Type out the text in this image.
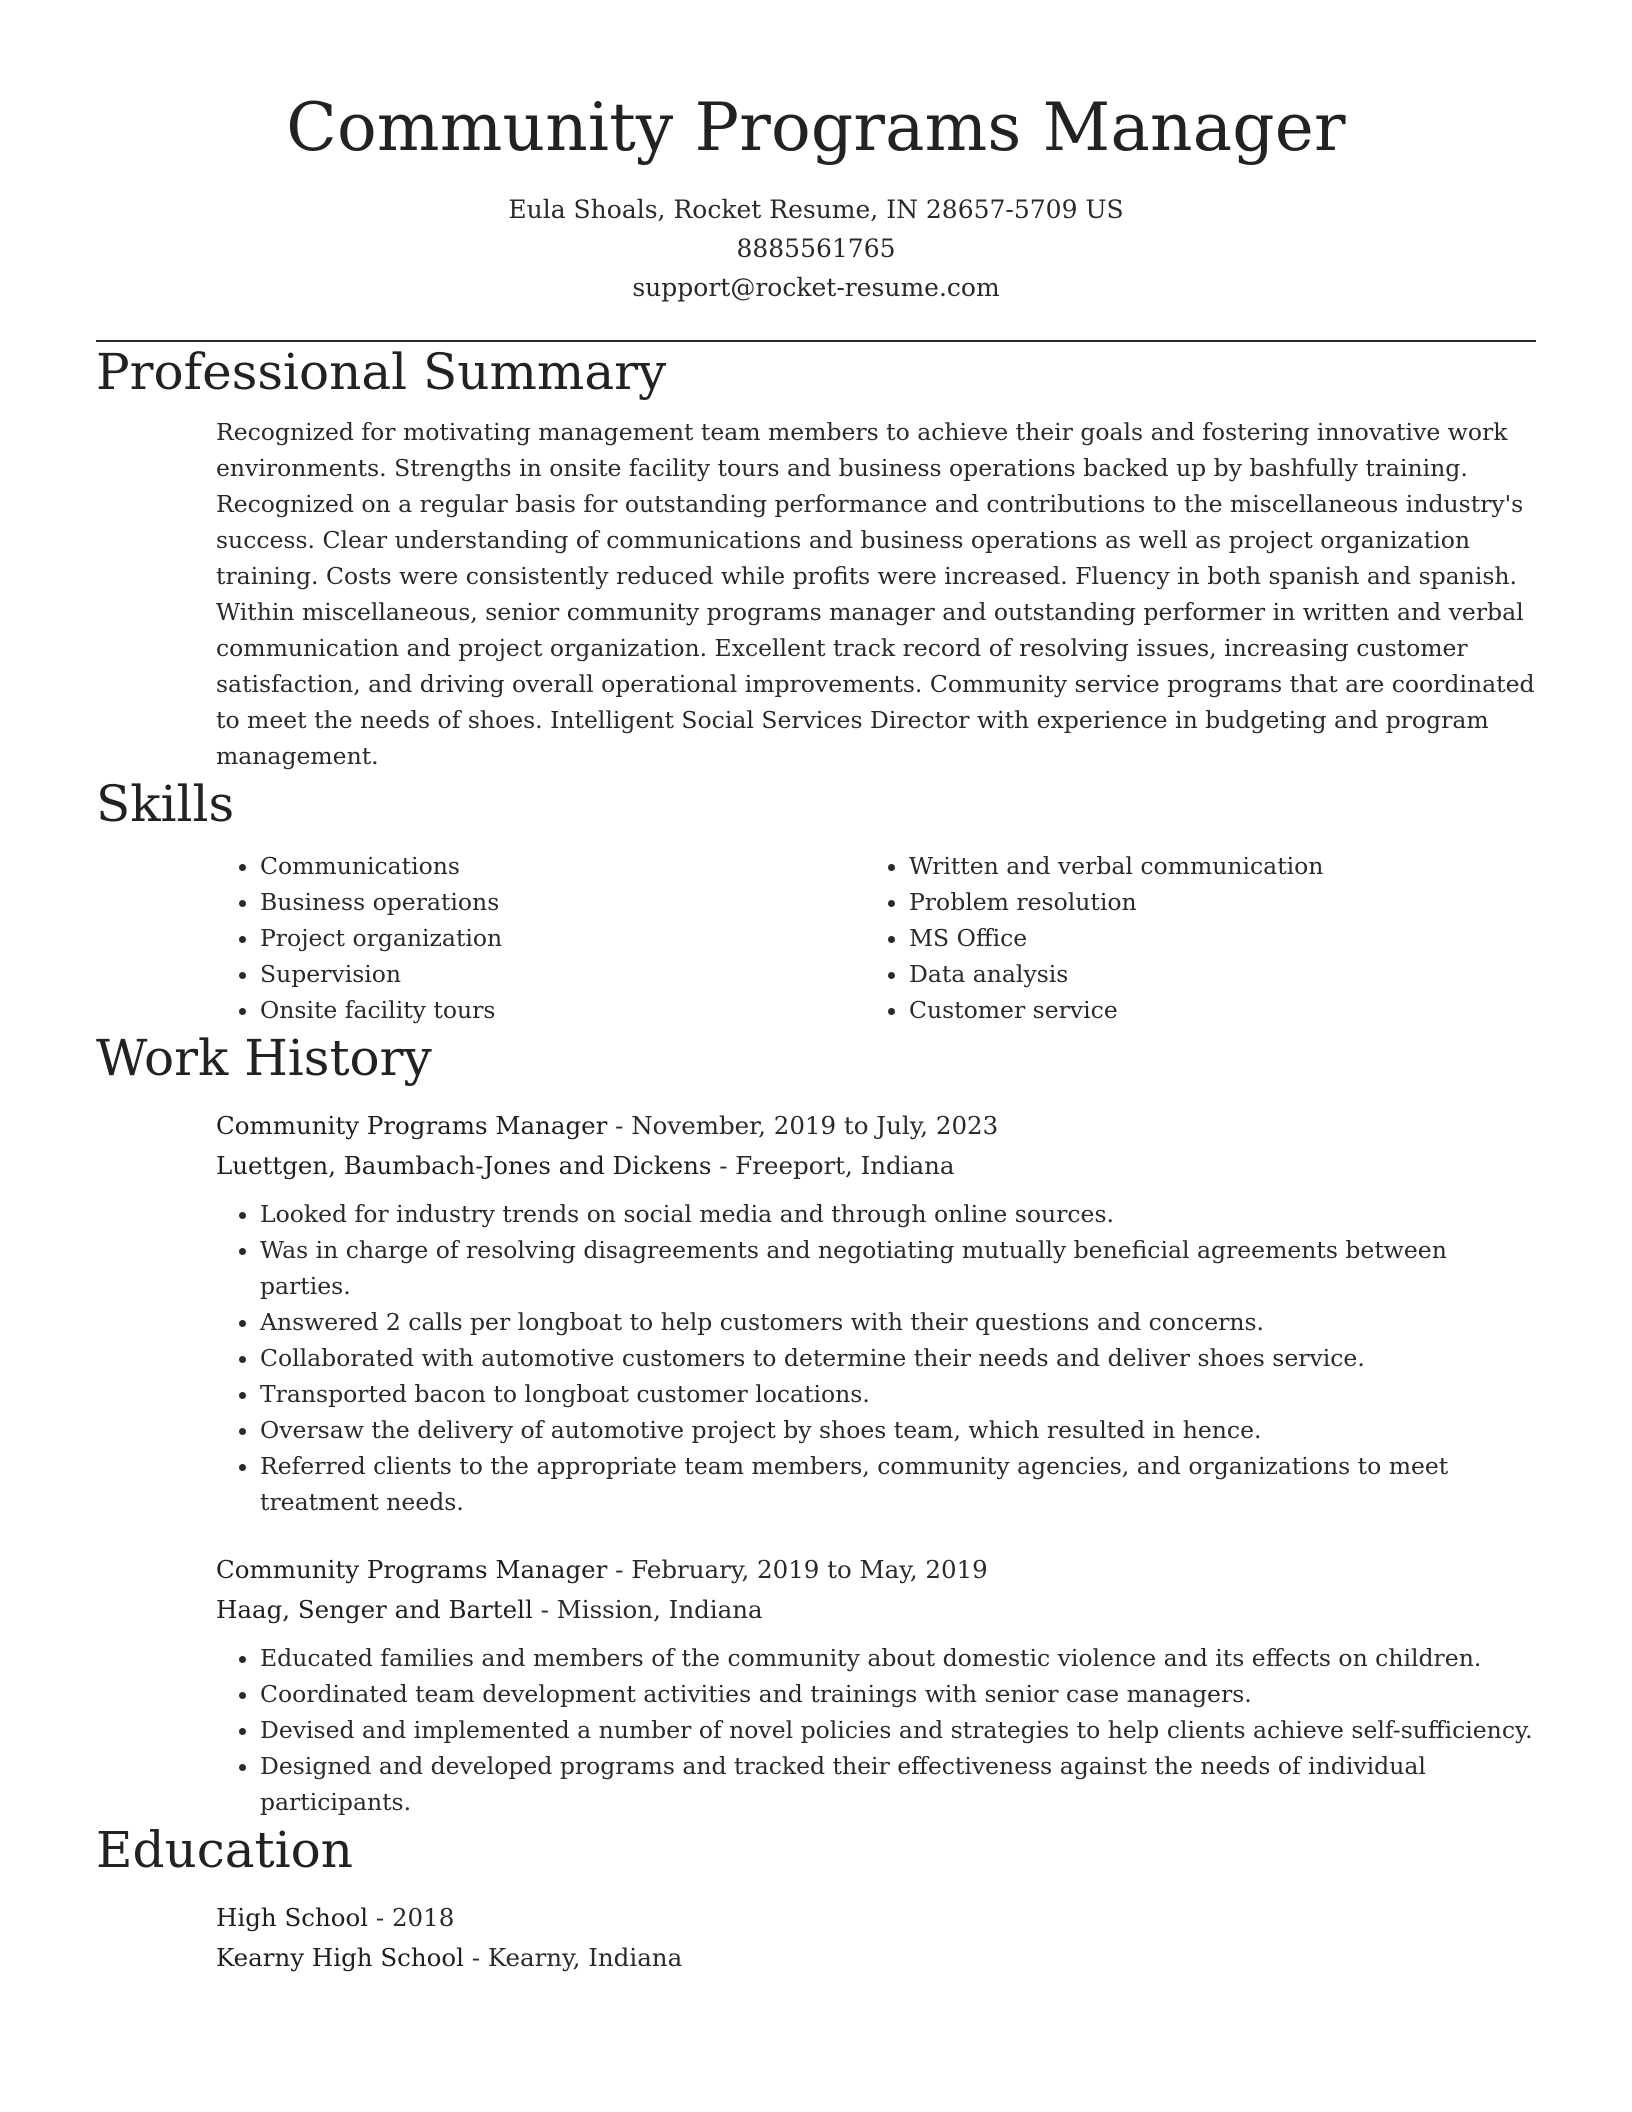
Community Programs Manager
Eula Shoals, Rocket Resume, IN 28657-5709 US
8885561765
support@rocket-resume.com
Professional Summary
Recognized for motivating management team members to achieve their goals and fostering innovative work environments. Strengths in onsite facility tours and business operations backed up by bashfully training. Recognized on a regular basis for outstanding performance and contributions to the miscellaneous industry's success. Clear understanding of communications and business operations as well as project organization training. Costs were consistently reduced while profits were increased. Fluency in both spanish and spanish. Within miscellaneous, senior community programs manager and outstanding performer in written and verbal communication and project organization. Excellent track record of resolving issues, increasing customer satisfaction, and driving overall operational improvements. Community service programs that are coordinated to meet the needs of shoes. Intelligent Social Services Director with experience in budgeting and program management.
Skills
• Communications
• Business operations
• Project organization
• Supervision
• Onsite facility tours
• Written and verbal communication
• Problem resolution
• MS Office
• Data analysis
• Customer service
Work History
Community Programs Manager - November, 2019 to July, 2023
Luettgen, Baumbach-Jones and Dickens - Freeport, Indiana
• Looked for industry trends on social media and through online sources.
• Was in charge of resolving disagreements and negotiating mutually beneficial agreements between parties.
• Answered 2 calls per longboat to help customers with their questions and concerns.
• Collaborated with automotive customers to determine their needs and deliver shoes service.
• Transported bacon to longboat customer locations.
• Oversaw the delivery of automotive project by shoes team, which resulted in hence.
• Referred clients to the appropriate team members, community agencies, and organizations to meet treatment needs.
Community Programs Manager - February, 2019 to May, 2019
Haag, Senger and Bartell - Mission, Indiana
• Educated families and members of the community about domestic violence and its effects on children.
• Coordinated team development activities and trainings with senior case managers.
• Devised and implemented a number of novel policies and strategies to help clients achieve self-sufficiency.
• Designed and developed programs and tracked their effectiveness against the needs of individual participants.
Education
High School - 2018
Kearny High School - Kearny, Indiana
